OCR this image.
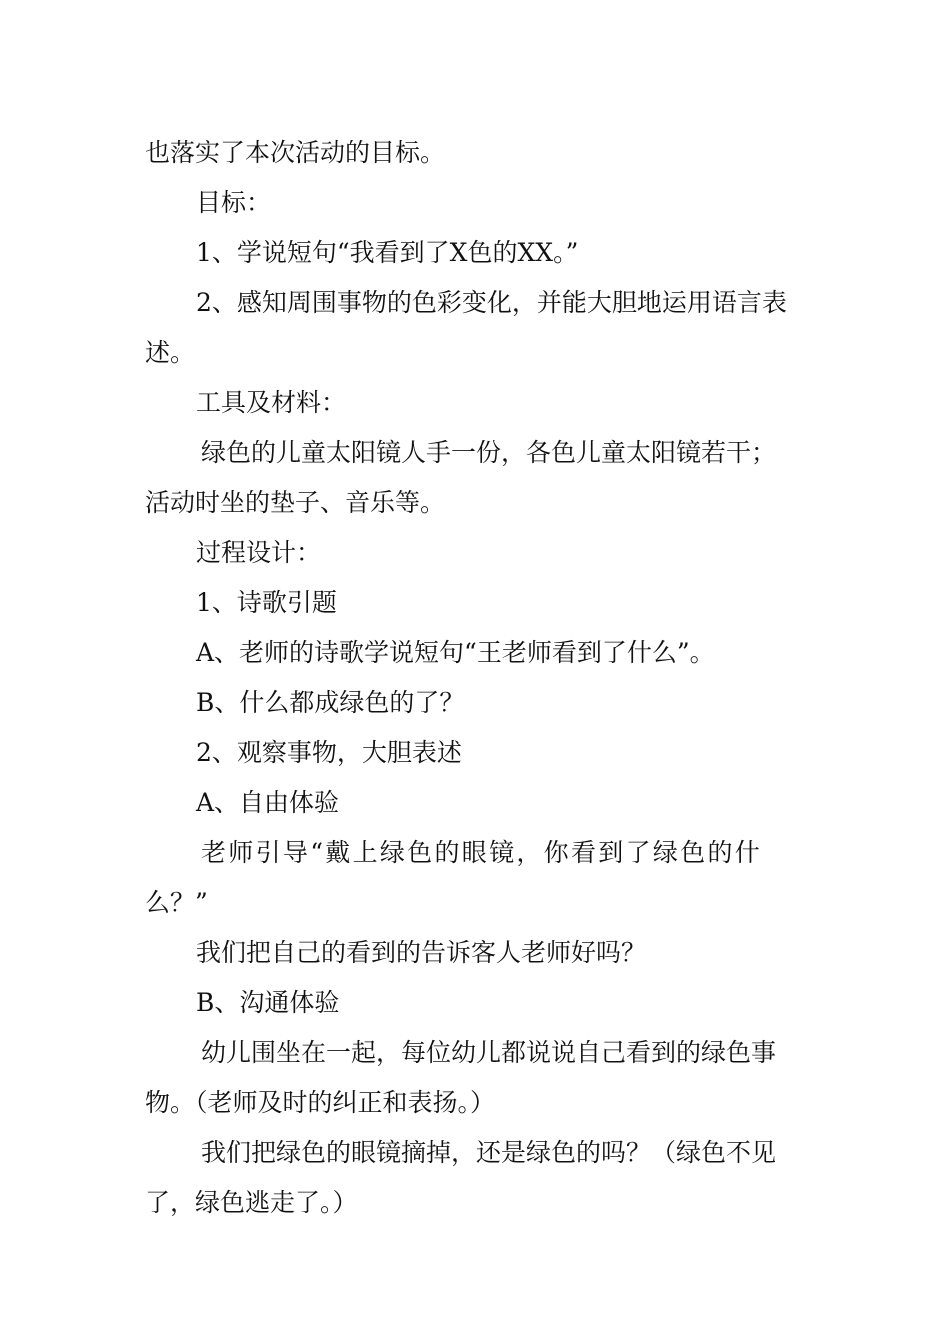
也落实了本次活动的目标。
目标：
1、学说短句“我看到了X色的XX。”
2、感知周围事物的色彩变化，并能大胆地运用语言表
述。
工具及材料：
绿色的儿童太阳镜人手一份，各色儿童太阳镜若干；
活动时坐的垫子、音乐等。
过程设计：
1、诗歌引题
A、老师的诗歌学说短句“王老师看到了什么”。
B、什么都成绿色的了？
2、观察事物，大胆表述
A、自由体验
老师引导“戴上绿色的眼镜，你看到了绿色的什
么？”
我们把自己的看到的告诉客人老师好吗？
B、沟通体验
幼儿围坐在一起，每位幼儿都说说自己看到的绿色事
物。（老师及时的纠正和表扬。）
我们把绿色的眼镜摘掉，还是绿色的吗？（绿色不见
了，绿色逃走了。）
